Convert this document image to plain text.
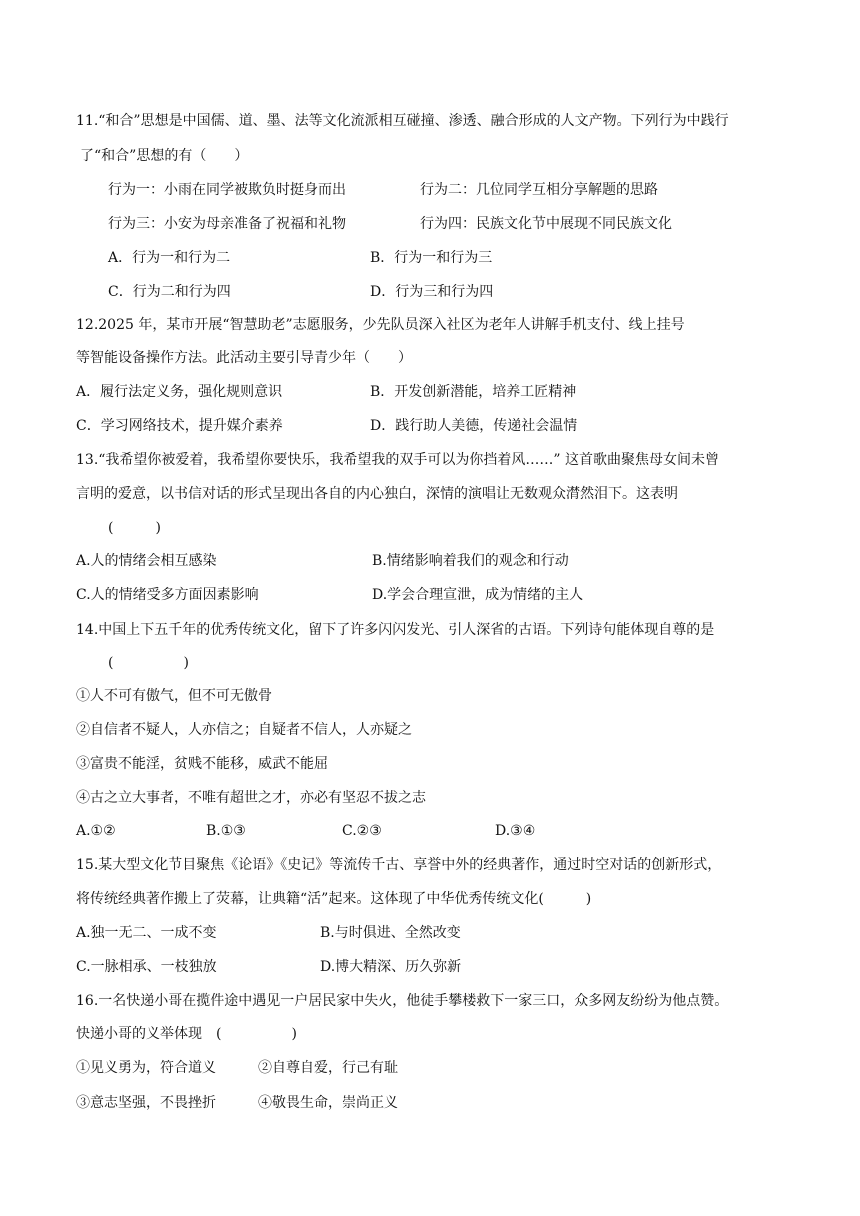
11.“和合”思想是中国儒、道、墨、法等文化流派相互碰撞、渗透、融合形成的人文产物。下列行为中践行
了“和合”思想的有（　　）
行为一：小雨在同学被欺负时挺身而出	行为二：几位同学互相分享解题的思路
行为三：小安为母亲准备了祝福和礼物	行为四：民族文化节中展现不同民族文化
A．行为一和行为二	B．行为一和行为三
C．行为二和行为四	D．行为三和行为四
12.2025 年，某市开展“智慧助老”志愿服务，少先队员深入社区为老年人讲解手机支付、线上挂号
等智能设备操作方法。此活动主要引导青少年（　　）
A．履行法定义务，强化规则意识	B．开发创新潜能，培养工匠精神
C．学习网络技术，提升媒介素养	D．践行助人美德，传递社会温情
13.“我希望你被爱着，我希望你要快乐，我希望我的双手可以为你挡着风……” 这首歌曲聚焦母女间未曾
言明的爱意，以书信对话的形式呈现出各自的内心独白，深情的演唱让无数观众潸然泪下。这表明
(　　　)
A.人的情绪会相互感染	B.情绪影响着我们的观念和行动
C.人的情绪受多方面因素影响	D.学会合理宣泄，成为情绪的主人
14.中国上下五千年的优秀传统文化，留下了许多闪闪发光、引人深省的古语。下列诗句能体现自尊的是
(　　　　　)
①人不可有傲气，但不可无傲骨
②自信者不疑人，人亦信之；自疑者不信人，人亦疑之
③富贵不能淫，贫贱不能移，威武不能屈
④古之立大事者，不唯有超世之才，亦必有坚忍不拔之志
A.①②	B.①③	C.②③	D.③④
15.某大型文化节目聚焦《论语》《史记》等流传千古、享誉中外的经典著作，通过时空对话的创新形式，
将传统经典著作搬上了荧幕，让典籍“活”起来。这体现了中华优秀传统文化(　　　)
A.独一无二、一成不变	B.与时俱进、全然改变
C.一脉相承、一枝独放	D.博大精深、历久弥新
16.一名快递小哥在揽件途中遇见一户居民家中失火，他徒手攀楼救下一家三口，众多网友纷纷为他点赞。
快递小哥的义举体现　(　　　　　)
①见义勇为，符合道义	②自尊自爱，行己有耻
③意志坚强，不畏挫折	④敬畏生命，崇尚正义
